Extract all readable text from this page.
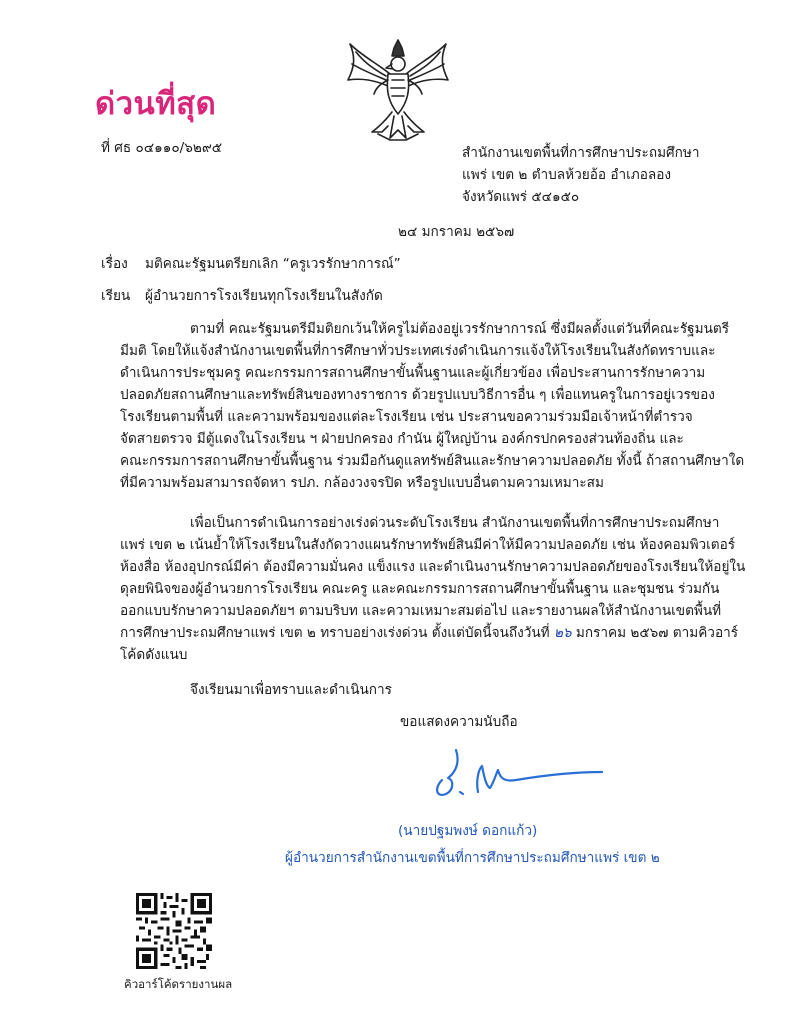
ด่วนที่สุด
ที่ ศธ ๐๔๑๑๐/๖๒๙๕	สำนักงานเขตพื้นที่การศึกษาประถมศึกษา
แพร่ เขต ๒ ตำบลห้วยอ้อ อำเภอลอง
จังหวัดแพร่ ๕๔๑๕๐
๒๔ มกราคม ๒๕๖๗
เรื่อง มติคณะรัฐมนตรียกเลิก “ครูเวรรักษาการณ์”
เรียน ผู้อำนวยการโรงเรียนทุกโรงเรียนในสังกัด
ตามที่ คณะรัฐมนตรีมีมติยกเว้นให้ครูไม่ต้องอยู่เวรรักษาการณ์ ซึ่งมีผลตั้งแต่วันที่คณะรัฐมนตรี
มีมติ โดยให้แจ้งสำนักงานเขตพื้นที่การศึกษาทั่วประเทศเร่งดำเนินการแจ้งให้โรงเรียนในสังกัดทราบและ
ดำเนินการประชุมครู คณะกรรมการสถานศึกษาขั้นพื้นฐานและผู้เกี่ยวข้อง เพื่อประสานการรักษาความ
ปลอดภัยสถานศึกษาและทรัพย์สินของทางราชการ ด้วยรูปแบบวิธีการอื่น ๆ เพื่อแทนครูในการอยู่เวรของ
โรงเรียนตามพื้นที่ และความพร้อมของแต่ละโรงเรียน เช่น ประสานขอความร่วมมือเจ้าหน้าที่ตำรวจ
จัดสายตรวจ มีตู้แดงในโรงเรียน ฯ ฝ่ายปกครอง กำนัน ผู้ใหญ่บ้าน องค์กรปกครองส่วนท้องถิ่น และ
คณะกรรมการสถานศึกษาขั้นพื้นฐาน ร่วมมือกันดูแลทรัพย์สินและรักษาความปลอดภัย ทั้งนี้ ถ้าสถานศึกษาใด
ที่มีความพร้อมสามารถจัดหา รปภ. กล้องวงจรปิด หรือรูปแบบอื่นตามความเหมาะสม
เพื่อเป็นการดำเนินการอย่างเร่งด่วนระดับโรงเรียน สำนักงานเขตพื้นที่การศึกษาประถมศึกษา
แพร่ เขต ๒ เน้นย้ำให้โรงเรียนในสังกัดวางแผนรักษาทรัพย์สินมีค่าให้มีความปลอดภัย เช่น ห้องคอมพิวเตอร์
ห้องสื่อ ห้องอุปกรณ์มีค่า ต้องมีความมั่นคง แข็งแรง และดำเนินงานรักษาความปลอดภัยของโรงเรียนให้อยู่ใน
ดุลยพินิจของผู้อำนวยการโรงเรียน คณะครู และคณะกรรมการสถานศึกษาขั้นพื้นฐาน และชุมชน ร่วมกัน
ออกแบบรักษาความปลอดภัยฯ ตามบริบท และความเหมาะสมต่อไป และรายงานผลให้สำนักงานเขตพื้นที่
การศึกษาประถมศึกษาแพร่ เขต ๒ ทราบอย่างเร่งด่วน ตั้งแต่บัดนี้จนถึงวันที่ ๒๖ มกราคม ๒๕๖๗ ตามคิวอาร์
โค้ดดังแนบ
จึงเรียนมาเพื่อทราบและดำเนินการ
ขอแสดงความนับถือ
(นายปฐมพงษ์ ดอกแก้ว)
ผู้อำนวยการสำนักงานเขตพื้นที่การศึกษาประถมศึกษาแพร่ เขต ๒
คิวอาร์โค้ดรายงานผล
